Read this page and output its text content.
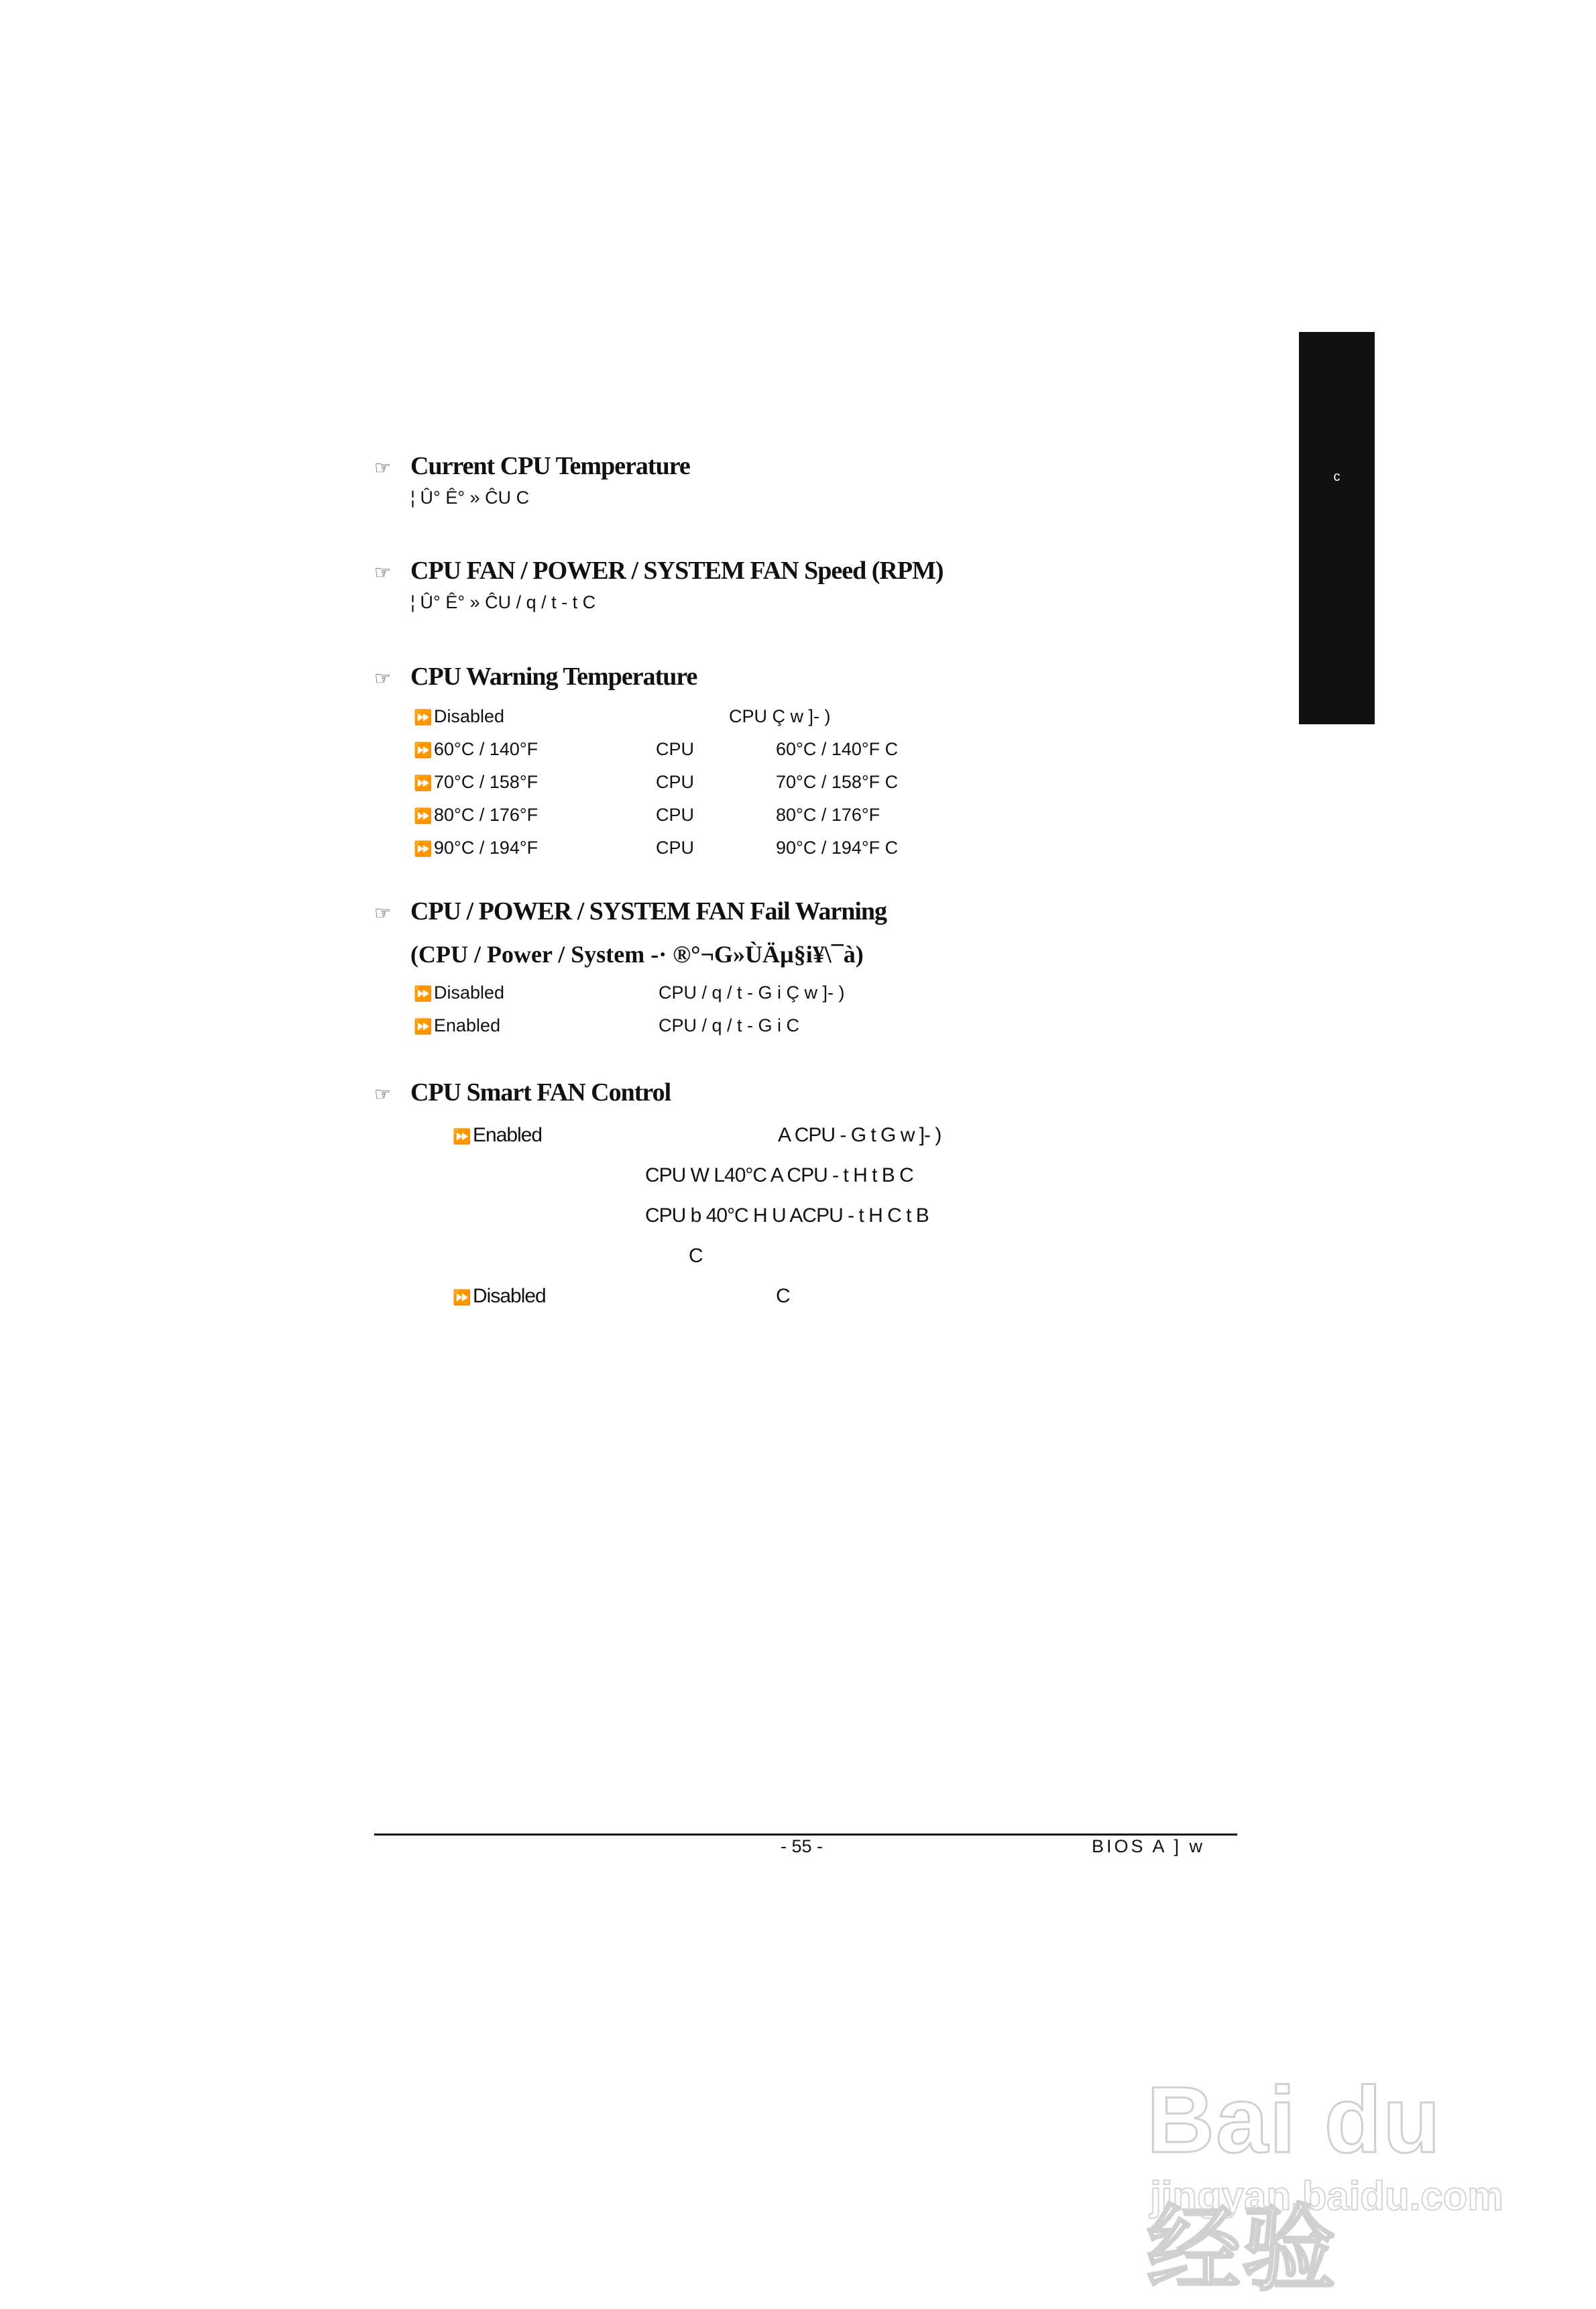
c
☞ Current CPU Temperature
¦ Û° Ê° » ĈU C
☞ CPU FAN / POWER / SYSTEM FAN Speed (RPM)
¦ Û° Ê° » ĈU / q / t - t C
☞ CPU Warning Temperature
⏩Disabled	CPU Ç w ]- )
⏩60°C / 140°F	CPU	60°C / 140°F C
⏩70°C / 158°F	CPU	70°C / 158°F C
⏩80°C / 176°F	CPU	80°C / 176°F
⏩90°C / 194°F	CPU	90°C / 194°F C
☞ CPU / POWER / SYSTEM FAN Fail Warning
(CPU / Power / System -· ®°¬G»ÙÄµ§i¥\¯à)
⏩Disabled	CPU / q / t - G i Ç w ]- )
⏩Enabled	CPU / q / t - G i C
☞ CPU Smart FAN Control
⏩ Enabled	A CPU - G t G w ]- )
CPU W L40°C A CPU - t H t B C
CPU b 40°C H U ACPU - t H C t B
C
⏩ Disabled	C
- 55 -	BIOS A ] w
Bai du 经验
jingyan.baidu.com
